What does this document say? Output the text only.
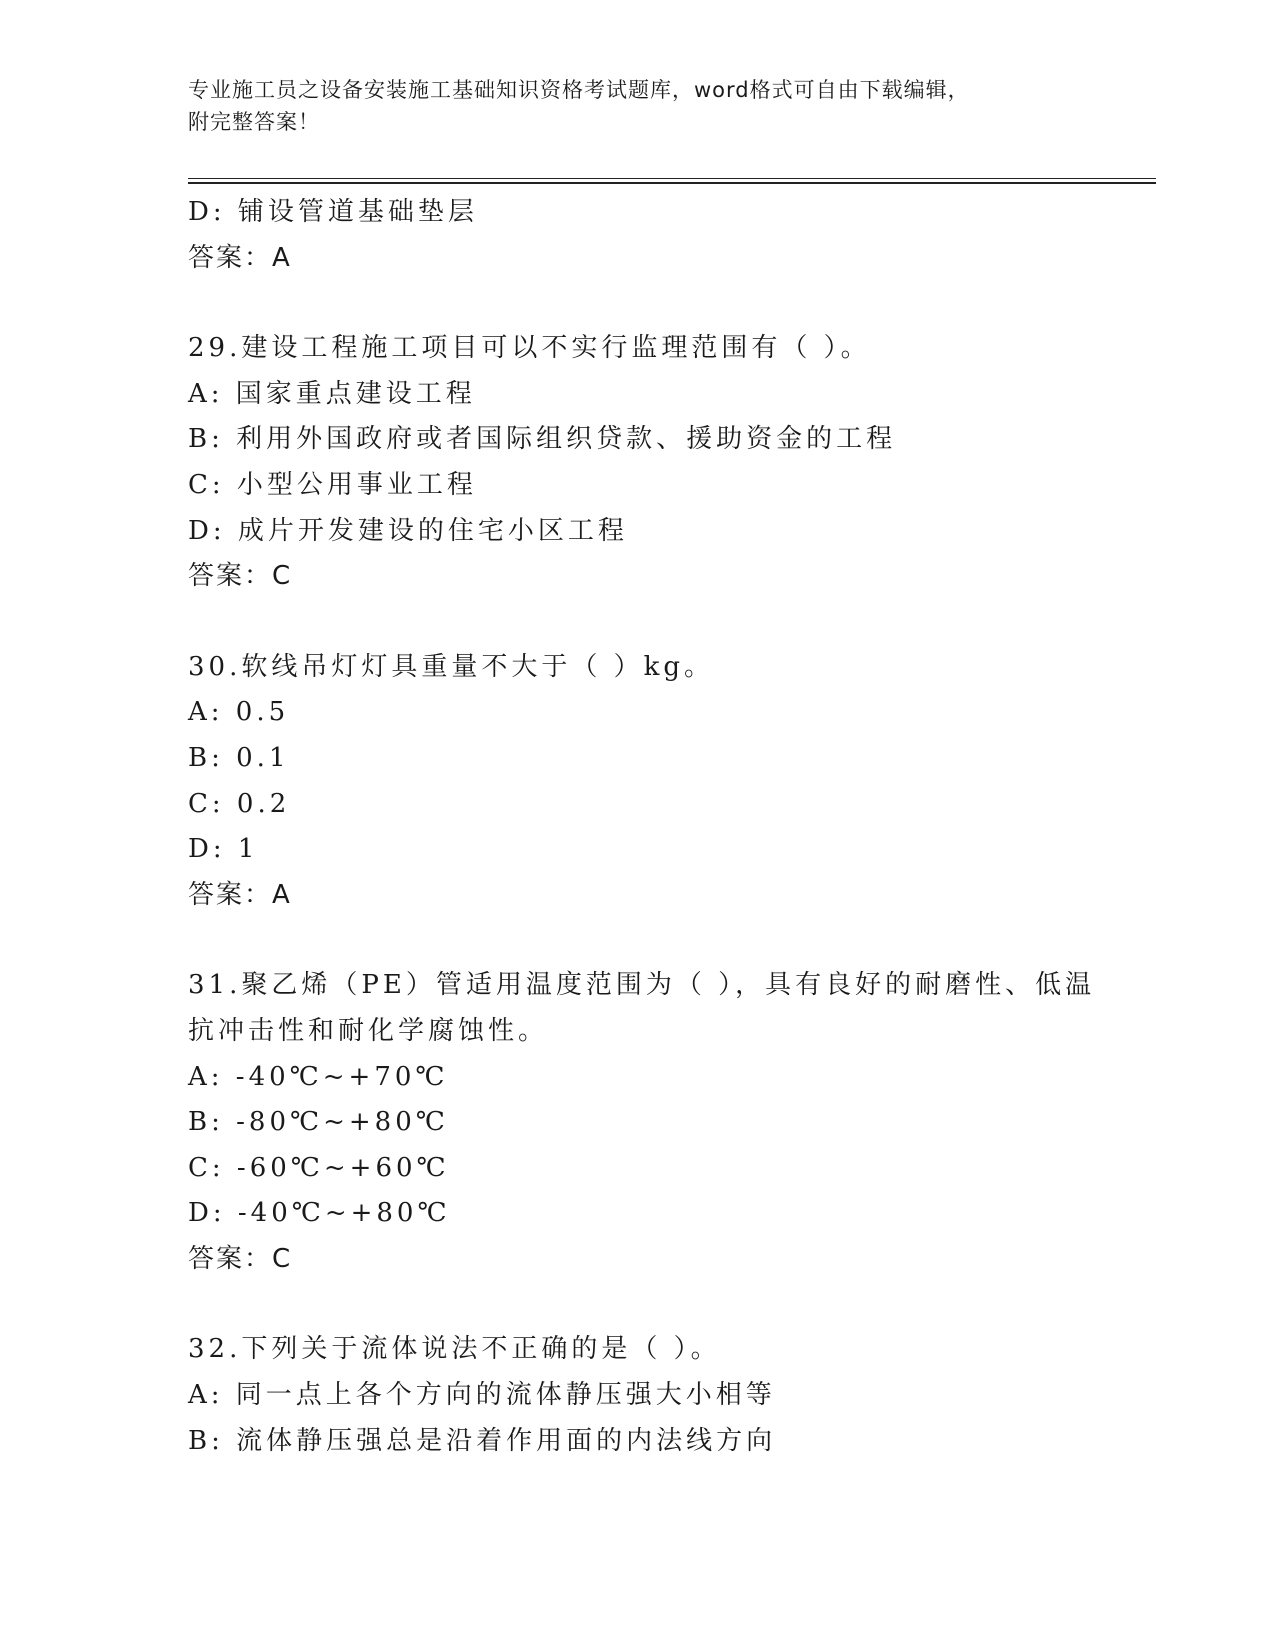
专业施工员之设备安装施工基础知识资格考试题库，word格式可自由下载编辑，
附完整答案！
D: 铺设管道基础垫层
答案：A
29.建设工程施工项目可以不实行监理范围有（ ）。
A: 国家重点建设工程
B: 利用外国政府或者国际组织贷款、援助资金的工程
C: 小型公用事业工程
D: 成片开发建设的住宅小区工程
答案：C
30.软线吊灯灯具重量不大于（ ）kg。
A: 0.5
B: 0.1
C: 0.2
D: 1
答案：A
31.聚乙烯（PE）管适用温度范围为（ ），具有良好的耐磨性、低温
抗冲击性和耐化学腐蚀性。
A: -40℃~+70℃
B: -80℃~+80℃
C: -60℃~+60℃
D: -40℃~+80℃
答案：C
32.下列关于流体说法不正确的是（ ）。
A: 同一点上各个方向的流体静压强大小相等
B: 流体静压强总是沿着作用面的内法线方向
